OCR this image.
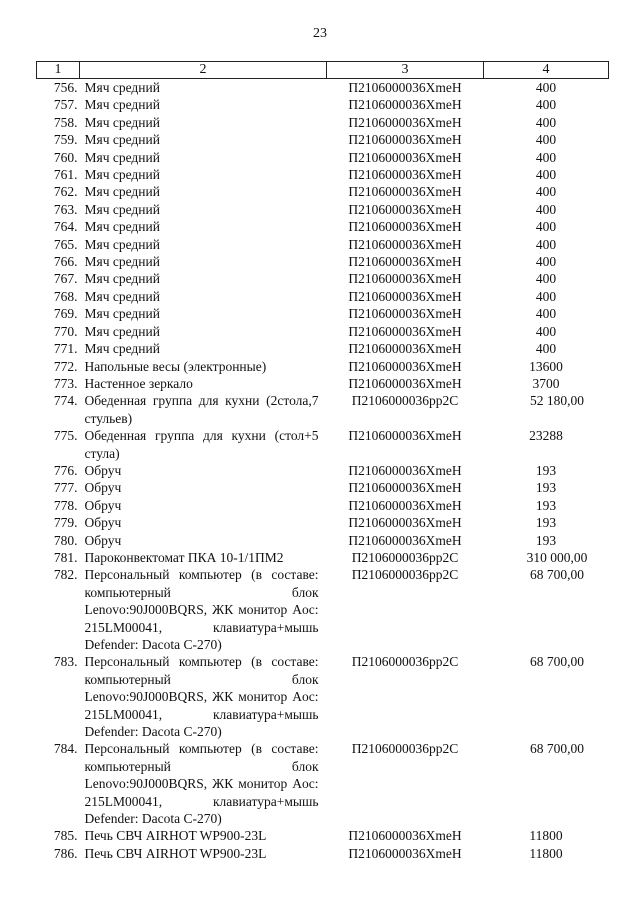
23
1	2	3	4
756.	Мяч средний	П2106000036ХmeН	400
757.	Мяч средний	П2106000036ХmeН	400
758.	Мяч средний	П2106000036ХmeН	400
759.	Мяч средний	П2106000036ХmeН	400
760.	Мяч средний	П2106000036ХmeН	400
761.	Мяч средний	П2106000036ХmeН	400
762.	Мяч средний	П2106000036ХmeН	400
763.	Мяч средний	П2106000036ХmeН	400
764.	Мяч средний	П2106000036ХmeН	400
765.	Мяч средний	П2106000036ХmeН	400
766.	Мяч средний	П2106000036ХmeН	400
767.	Мяч средний	П2106000036ХmeН	400
768.	Мяч средний	П2106000036ХmeН	400
769.	Мяч средний	П2106000036ХmeН	400
770.	Мяч средний	П2106000036ХmeН	400
771.	Мяч средний	П2106000036ХmeН	400
772.	Напольные весы (электронные)	П2106000036ХmeН	13600
773.	Настенное зеркало	П2106000036ХmeН	3700
774.	Обеденная группа для кухни (2стола,7 стульев)	П2106000036рр2С	52 180,00
775.	Обеденная группа для кухни (стол+5 стула)	П2106000036ХmeН	23288
776.	Обруч	П2106000036ХmeН	193
777.	Обруч	П2106000036ХmeН	193
778.	Обруч	П2106000036ХmeН	193
779.	Обруч	П2106000036ХmeН	193
780.	Обруч	П2106000036ХmeН	193
781.	Пароконвектомат ПКА 10-1/1ПМ2	П2106000036рр2С	310 000,00
782.	Персональный компьютер (в составе: компьютерный блок Lenovo:90J000BQRS, ЖК монитор Aoc: 215LM00041, клавиатура+мышь Defender: Dacota C-270)	П2106000036рр2С	68 700,00
783.	Персональный компьютер (в составе: компьютерный блок Lenovo:90J000BQRS, ЖК монитор Aoc: 215LM00041, клавиатура+мышь Defender: Dacota C-270)	П2106000036рр2С	68 700,00
784.	Персональный компьютер (в составе: компьютерный блок Lenovo:90J000BQRS, ЖК монитор Aoc: 215LM00041, клавиатура+мышь Defender: Dacota C-270)	П2106000036рр2С	68 700,00
785.	Печь СВЧ AIRHOT WP900-23L	П2106000036ХmeН	11800
786.	Печь СВЧ AIRHOT WP900-23L	П2106000036ХmeН	11800
